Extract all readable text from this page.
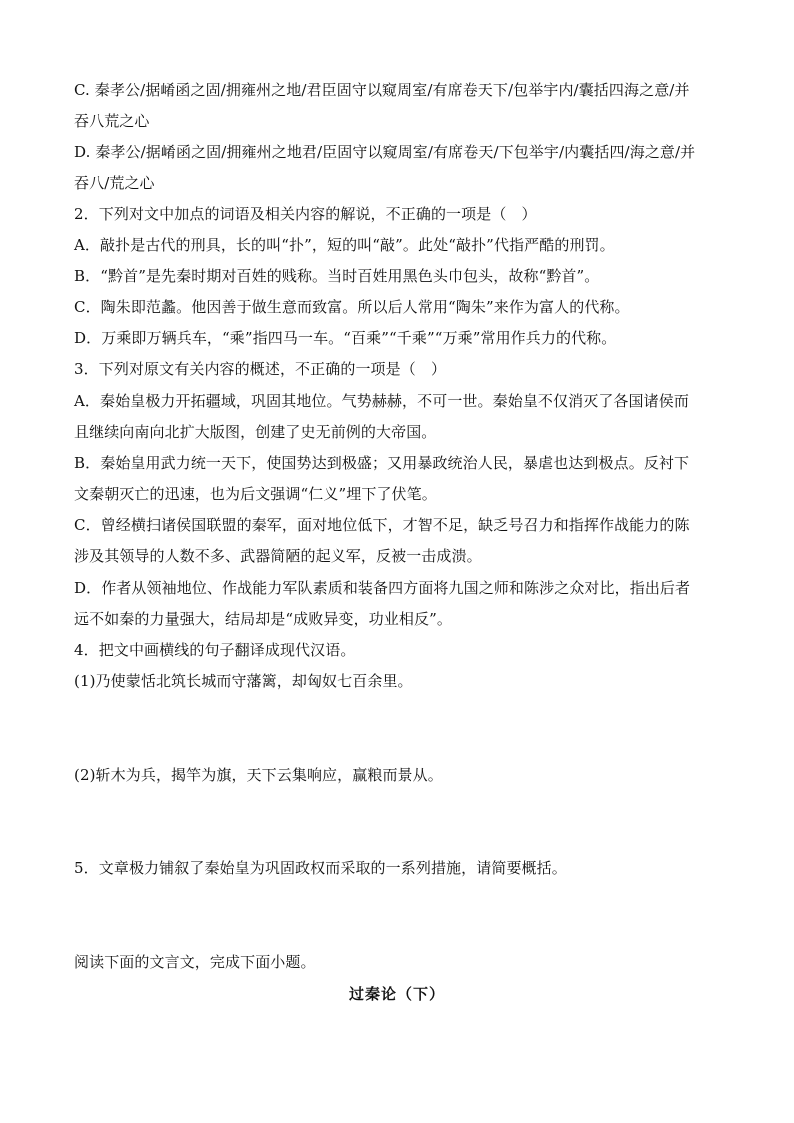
C. 秦孝公/据崤函之固/拥雍州之地/君臣固守以窥周室/有席卷天下/包举宇内/囊括四海之意/并
吞八荒之心
D. 秦孝公/据崤函之固/拥雍州之地君/臣固守以窥周室/有席卷天/下包举宇/内囊括四/海之意/并
吞八/荒之心
2．下列对文中加点的词语及相关内容的解说，不正确的一项是（　）
A．敲扑是古代的刑具，长的叫“扑”，短的叫“敲”。此处“敲扑”代指严酷的刑罚。
B．“黔首”是先秦时期对百姓的贱称。当时百姓用黑色头巾包头，故称“黔首”。
C．陶朱即范蠡。他因善于做生意而致富。所以后人常用“陶朱”来作为富人的代称。
D．万乘即万辆兵车，“乘”指四马一车。“百乘”“千乘”“万乘”常用作兵力的代称。
3．下列对原文有关内容的概述，不正确的一项是（　）
A．秦始皇极力开拓疆域，巩固其地位。气势赫赫，不可一世。秦始皇不仅消灭了各国诸侯而
且继续向南向北扩大版图，创建了史无前例的大帝国。
B．秦始皇用武力统一天下，使国势达到极盛；又用暴政统治人民，暴虐也达到极点。反衬下
文秦朝灭亡的迅速，也为后文强调“仁义”埋下了伏笔。
C．曾经横扫诸侯国联盟的秦军，面对地位低下，才智不足，缺乏号召力和指挥作战能力的陈
涉及其领导的人数不多、武器简陋的起义军，反被一击成溃。
D．作者从领袖地位、作战能力军队素质和装备四方面将九国之师和陈涉之众对比，指出后者
远不如秦的力量强大，结局却是“成败异变，功业相反”。
4．把文中画横线的句子翻译成现代汉语。
(1)乃使蒙恬北筑长城而守藩篱，却匈奴七百余里。
(2)斩木为兵，揭竿为旗，天下云集响应，赢粮而景从。
5．文章极力铺叙了秦始皇为巩固政权而采取的一系列措施，请简要概括。
阅读下面的文言文，完成下面小题。
过秦论（下）
